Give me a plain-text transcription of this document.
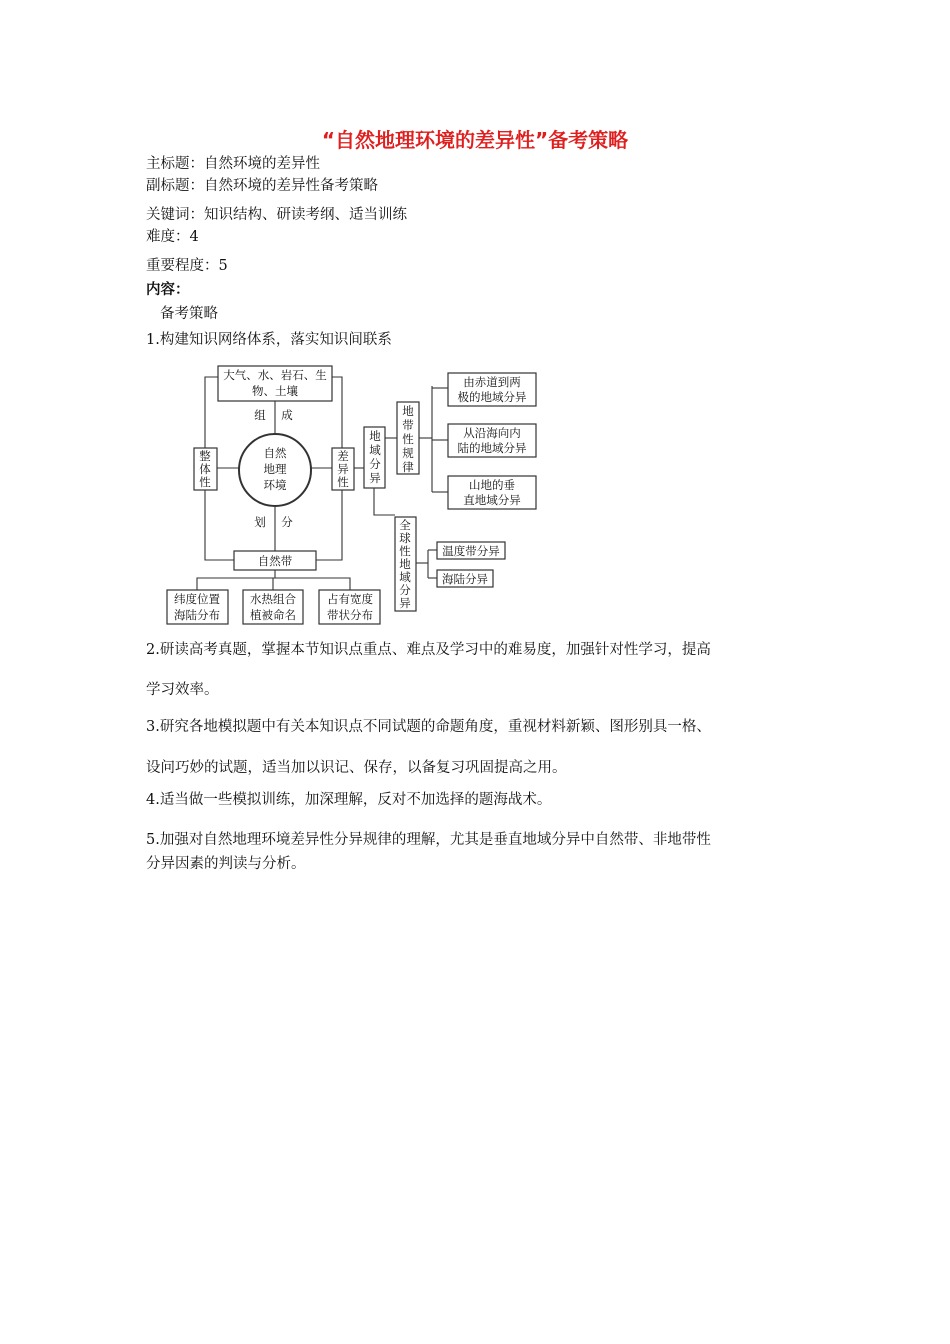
“自然地理环境的差异性”备考策略
主标题：自然环境的差异性
副标题：自然环境的差异性备考策略
关键词：知识结构、研读考纲、适当训练
难度：4
重要程度：5
内容：
备考策略
1.构建知识网络体系，落实知识间联系
大气、水、岩石、生
物、土壤
组 成
自然
地理
环境
整
体
性
差
异
性
划 分
自然带
纬度位置
海陆分布
水热组合
植被命名
占有宽度
带状分布
地
域
分
异
地
带
性
规
律
由赤道到两
极的地域分异
从沿海向内
陆的地域分异
山地的垂
直地域分异
全
球
性
地
域
分
异
温度带分异
海陆分异
2.研读高考真题，掌握本节知识点重点、难点及学习中的难易度，加强针对性学习，提高
学习效率。
3.研究各地模拟题中有关本知识点不同试题的命题角度，重视材料新颖、图形别具一格、
设问巧妙的试题，适当加以识记、保存，以备复习巩固提高之用。
4.适当做一些模拟训练，加深理解，反对不加选择的题海战术。
5.加强对自然地理环境差异性分异规律的理解，尤其是垂直地域分异中自然带、非地带性
分异因素的判读与分析。
